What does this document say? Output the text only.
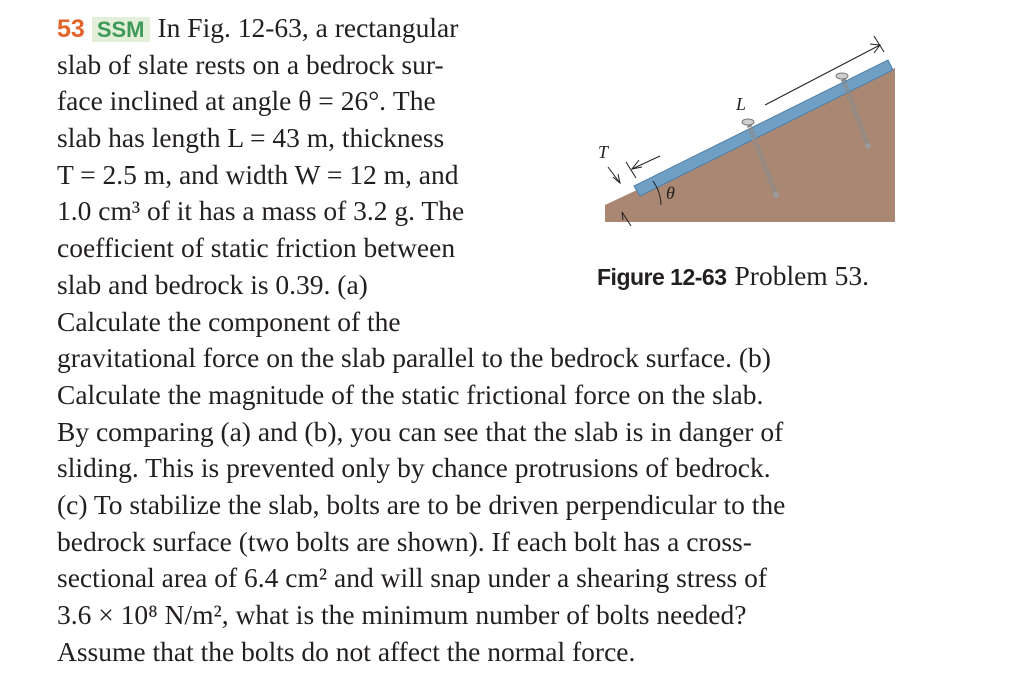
53 SSM In Fig. 12-63, a rectangular
slab of slate rests on a bedrock sur-
face inclined at angle θ = 26°. The
slab has length L = 43 m, thickness
T = 2.5 m, and width W = 12 m, and
1.0 cm³ of it has a mass of 3.2 g. The
coefficient of static friction between
slab and bedrock is 0.39. (a)
Calculate the component of the
gravitational force on the slab parallel to the bedrock surface. (b)
Calculate the magnitude of the static frictional force on the slab.
By comparing (a) and (b), you can see that the slab is in danger of
sliding. This is prevented only by chance protrusions of bedrock.
(c) To stabilize the slab, bolts are to be driven perpendicular to the
bedrock surface (two bolts are shown). If each bolt has a cross-
sectional area of 6.4 cm² and will snap under a shearing stress of
3.6 × 10⁸ N/m², what is the minimum number of bolts needed?
Assume that the bolts do not affect the normal force.
L
T
θ
Figure 12-63 Problem 53.
